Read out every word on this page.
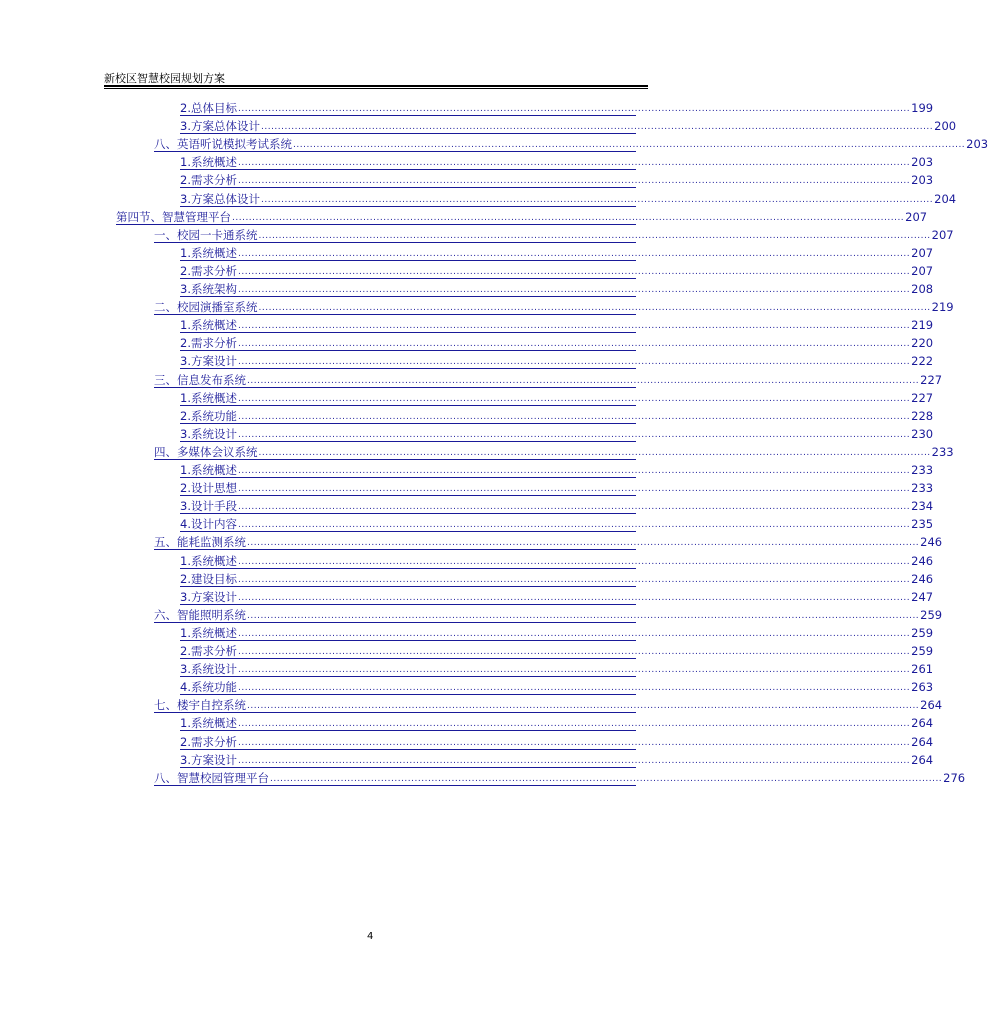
新校区智慧校园规划方案
2. 总体目标 ........................................................................................................................................................................................................ 199
3. 方案总体设计 ........................................................................................................................................................................................................ 200
八、 英语听说模拟考试系统 ........................................................................................................................................................................................................ 203
1. 系统概述 ........................................................................................................................................................................................................ 203
2. 需求分析 ........................................................................................................................................................................................................ 203
3. 方案总体设计 ........................................................................................................................................................................................................ 204
第四节、智慧管理平台 ........................................................................................................................................................................................................ 207
一、 校园一卡通系统 ........................................................................................................................................................................................................ 207
1. 系统概述 ........................................................................................................................................................................................................ 207
2. 需求分析 ........................................................................................................................................................................................................ 207
3. 系统架构 ........................................................................................................................................................................................................ 208
二、 校园演播室系统 ........................................................................................................................................................................................................ 219
1. 系统概述 ........................................................................................................................................................................................................ 219
2. 需求分析 ........................................................................................................................................................................................................ 220
3. 方案设计 ........................................................................................................................................................................................................ 222
三、 信息发布系统 ........................................................................................................................................................................................................ 227
1. 系统概述 ........................................................................................................................................................................................................ 227
2. 系统功能 ........................................................................................................................................................................................................ 228
3. 系统设计 ........................................................................................................................................................................................................ 230
四、 多媒体会议系统 ........................................................................................................................................................................................................ 233
1. 系统概述 ........................................................................................................................................................................................................ 233
2. 设计思想 ........................................................................................................................................................................................................ 233
3. 设计手段 ........................................................................................................................................................................................................ 234
4. 设计内容 ........................................................................................................................................................................................................ 235
五、 能耗监测系统 ........................................................................................................................................................................................................ 246
1. 系统概述 ........................................................................................................................................................................................................ 246
2. 建设目标 ........................................................................................................................................................................................................ 246
3. 方案设计 ........................................................................................................................................................................................................ 247
六、 智能照明系统 ........................................................................................................................................................................................................ 259
1. 系统概述 ........................................................................................................................................................................................................ 259
2. 需求分析 ........................................................................................................................................................................................................ 259
3. 系统设计 ........................................................................................................................................................................................................ 261
4. 系统功能 ........................................................................................................................................................................................................ 263
七、 楼宇自控系统 ........................................................................................................................................................................................................ 264
1. 系统概述 ........................................................................................................................................................................................................ 264
2. 需求分析 ........................................................................................................................................................................................................ 264
3. 方案设计 ........................................................................................................................................................................................................ 264
八、 智慧校园管理平台 ........................................................................................................................................................................................................ 276
4
